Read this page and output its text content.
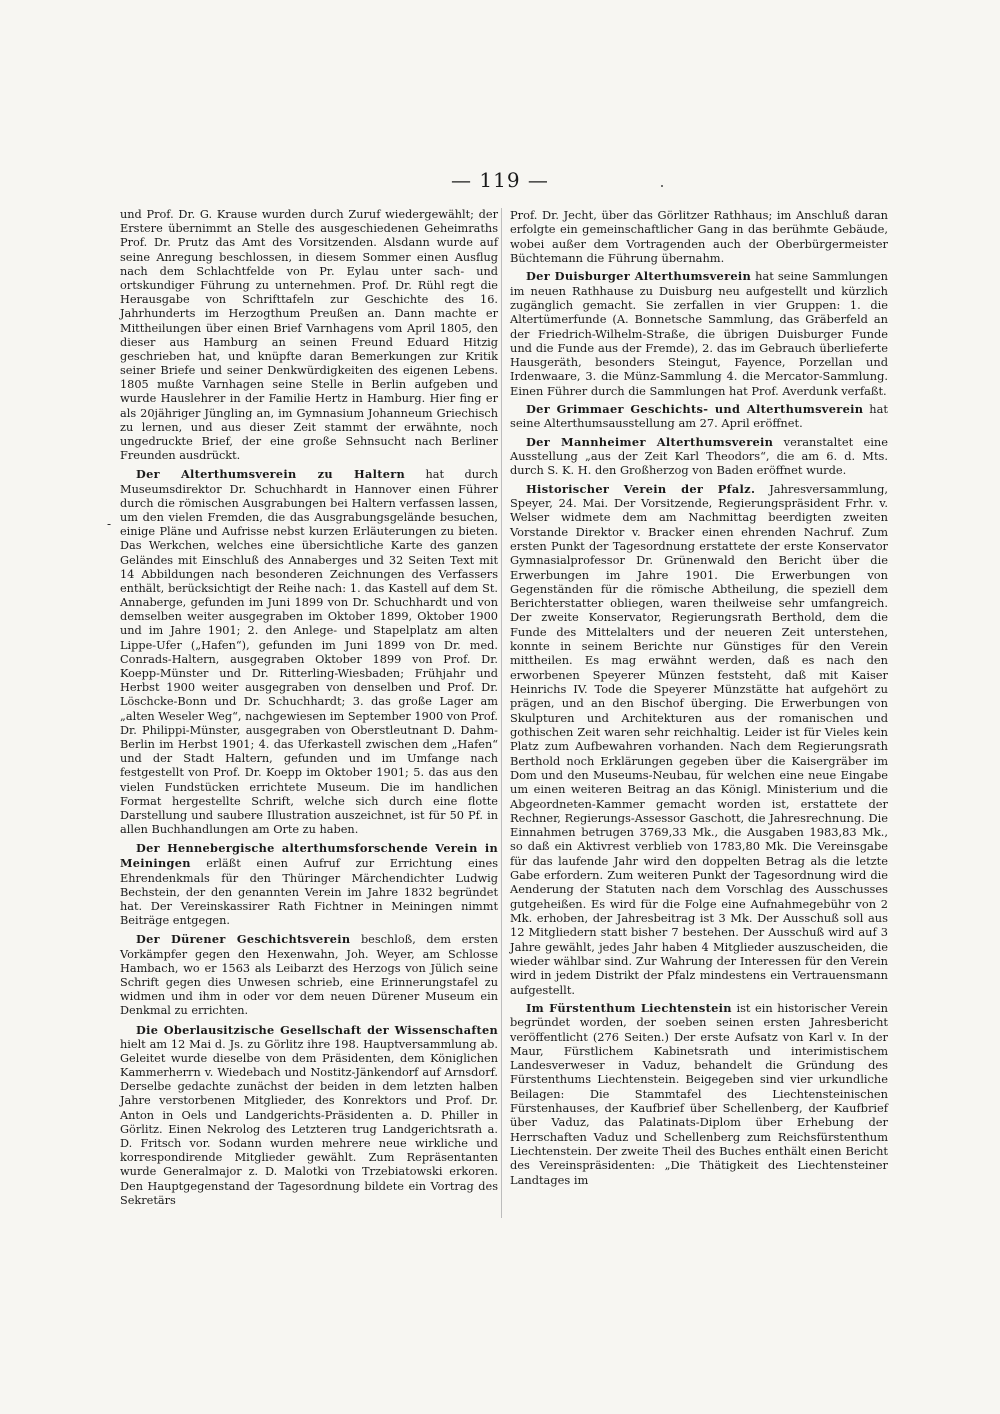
— 119 —
-

und Prof. Dr. G. Krause wurden durch Zuruf wiedergewählt; der Erstere übernimmt an Stelle des ausgeschiedenen Geheimraths Prof. Dr. Prutz das Amt des Vorsitzenden. Alsdann wurde auf seine Anregung beschlossen, in diesem Sommer einen Ausflug nach dem Schlachtfelde von Pr. Eylau unter sach- und ortskundiger Führung zu unternehmen. Prof. Dr. Rühl regt die Herausgabe von Schrifttafeln zur Geschichte des 16. Jahrhunderts im Herzogthum Preußen an. Dann machte er Mittheilungen über einen Brief Varnhagens vom April 1805, den dieser aus Hamburg an seinen Freund Eduard Hitzig geschrieben hat, und knüpfte daran Bemerkungen zur Kritik seiner Briefe und seiner Denkwürdigkeiten des eigenen Lebens. 1805 mußte Varnhagen seine Stelle in Berlin aufgeben und wurde Hauslehrer in der Familie Hertz in Hamburg. Hier fing er als 20jähriger Jüngling an, im Gymnasium Johanneum Griechisch zu lernen, und aus dieser Zeit stammt der erwähnte, noch ungedruckte Brief, der eine große Sehnsucht nach Berliner Freunden ausdrückt.

Der Alterthumsverein zu Haltern hat durch Museumsdirektor Dr. Schuchhardt in Hannover einen Führer durch die römischen Ausgrabungen bei Haltern verfassen lassen, um den vielen Fremden, die das Ausgrabungsgelände besuchen, einige Pläne und Aufrisse nebst kurzen Erläuterungen zu bieten. Das Werkchen, welches eine übersichtliche Karte des ganzen Geländes mit Einschluß des Annaberges und 32 Seiten Text mit 14 Abbildungen nach besonderen Zeichnungen des Verfassers enthält, berücksichtigt der Reihe nach: 1. das Kastell auf dem St. Annaberge, gefunden im Juni 1899 von Dr. Schuchhardt und von demselben weiter ausgegraben im Oktober 1899, Oktober 1900 und im Jahre 1901; 2. den Anlege- und Stapelplatz am alten Lippe-Ufer („Hafen“), gefunden im Juni 1899 von Dr. med. Conrads-Haltern, ausgegraben Oktober 1899 von Prof. Dr. Koepp-Münster und Dr. Ritterling-Wiesbaden; Frühjahr und Herbst 1900 weiter ausgegraben von denselben und Prof. Dr. Löschcke-Bonn und Dr. Schuchhardt; 3. das große Lager am „alten Weseler Weg“, nachgewiesen im September 1900 von Prof. Dr. Philippi-Münster, ausgegraben von Oberstleutnant D. Dahm-Berlin im Herbst 1901; 4. das Uferkastell zwischen dem „Hafen“ und der Stadt Haltern, gefunden und im Umfange nach festgestellt von Prof. Dr. Koepp im Oktober 1901; 5. das aus den vielen Fundstücken errichtete Museum. Die im handlichen Format hergestellte Schrift, welche sich durch eine flotte Darstellung und saubere Illustration auszeichnet, ist für 50 Pf. in allen Buchhandlungen am Orte zu haben.

Der Hennebergische alterthumsforschende Verein in Meiningen erläßt einen Aufruf zur Errichtung eines Ehrendenkmals für den Thüringer Märchendichter Ludwig Bechstein, der den genannten Verein im Jahre 1832 begründet hat. Der Vereinskassirer Rath Fichtner in Meiningen nimmt Beiträge entgegen.

Der Dürener Geschichtsverein beschloß, dem ersten Vorkämpfer gegen den Hexenwahn, Joh. Weyer, am Schlosse Hambach, wo er 1563 als Leibarzt des Herzogs von Jülich seine Schrift gegen dies Unwesen schrieb, eine Erinnerungstafel zu widmen und ihm in oder vor dem neuen Dürener Museum ein Denkmal zu errichten.

Die Oberlausitzische Gesellschaft der Wissenschaften hielt am 12 Mai d. Js. zu Görlitz ihre 198. Hauptversammlung ab. Geleitet wurde dieselbe von dem Präsidenten, dem Königlichen Kammerherrn v. Wiedebach und Nostitz-Jänkendorf auf Arnsdorf. Derselbe gedachte zunächst der beiden in dem letzten halben Jahre verstorbenen Mitglieder, des Konrektors und Prof. Dr. Anton in Oels und Landgerichts-Präsidenten a. D. Philler in Görlitz. Einen Nekrolog des Letzteren trug Landgerichtsrath a. D. Fritsch vor. Sodann wurden mehrere neue wirkliche und korrespondirende Mitglieder gewählt. Zum Repräsentanten wurde Generalmajor z. D. Malotki von Trzebiatowski erkoren. Den Hauptgegenstand der Tagesordnung bildete ein Vortrag des Sekretärs

Prof. Dr. Jecht, über das Görlitzer Rathhaus; im Anschluß daran erfolgte ein gemeinschaftlicher Gang in das berühmte Gebäude, wobei außer dem Vortragenden auch der Oberbürgermeister Büchtemann die Führung übernahm.

Der Duisburger Alterthumsverein hat seine Sammlungen im neuen Rathhause zu Duisburg neu aufgestellt und kürzlich zugänglich gemacht. Sie zerfallen in vier Gruppen: 1. die Altertümerfunde (A. Bonnetsche Sammlung, das Gräberfeld an der Friedrich-Wilhelm-Straße, die übrigen Duisburger Funde und die Funde aus der Fremde), 2. das im Gebrauch überlieferte Hausgeräth, besonders Steingut, Fayence, Porzellan und Irdenwaare, 3. die Münz-Sammlung 4. die Mercator-Sammlung. Einen Führer durch die Sammlungen hat Prof. Averdunk verfaßt.

Der Grimmaer Geschichts- und Alterthumsverein hat seine Alterthumsausstellung am 27. April eröffnet.

Der Mannheimer Alterthumsverein veranstaltet eine Ausstellung „aus der Zeit Karl Theodors“, die am 6. d. Mts. durch S. K. H. den Großherzog von Baden eröffnet wurde.

Historischer Verein der Pfalz. Jahresversammlung, Speyer, 24. Mai. Der Vorsitzende, Regierungspräsident Frhr. v. Welser widmete dem am Nachmittag beerdigten zweiten Vorstande Direktor v. Bracker einen ehrenden Nachruf. Zum ersten Punkt der Tagesordnung erstattete der erste Konservator Gymnasialprofessor Dr. Grünenwald den Bericht über die Erwerbungen im Jahre 1901. Die Erwerbungen von Gegenständen für die römische Abtheilung, die speziell dem Berichterstatter obliegen, waren theilweise sehr umfangreich. Der zweite Konservator, Regierungsrath Berthold, dem die Funde des Mittelalters und der neueren Zeit unterstehen, konnte in seinem Berichte nur Günstiges für den Verein mittheilen. Es mag erwähnt werden, daß es nach den erworbenen Speyerer Münzen feststeht, daß mit Kaiser Heinrichs IV. Tode die Speyerer Münzstätte hat aufgehört zu prägen, und an den Bischof überging. Die Erwerbungen von Skulpturen und Architekturen aus der romanischen und gothischen Zeit waren sehr reichhaltig. Leider ist für Vieles kein Platz zum Aufbewahren vorhanden. Nach dem Regierungsrath Berthold noch Erklärungen gegeben über die Kaisergräber im Dom und den Museums-Neubau, für welchen eine neue Eingabe um einen weiteren Beitrag an das Königl. Ministerium und die Abgeordneten-Kammer gemacht worden ist, erstattete der Rechner, Regierungs-Assessor Gaschott, die Jahresrechnung. Die Einnahmen betrugen 3769,33 Mk., die Ausgaben 1983,83 Mk., so daß ein Aktivrest verblieb von 1783,80 Mk. Die Vereinsgabe für das laufende Jahr wird den doppelten Betrag als die letzte Gabe erfordern. Zum weiteren Punkt der Tagesordnung wird die Aenderung der Statuten nach dem Vorschlag des Ausschusses gutgeheißen. Es wird für die Folge eine Aufnahmegebühr von 2 Mk. erhoben, der Jahresbeitrag ist 3 Mk. Der Ausschuß soll aus 12 Mitgliedern statt bisher 7 bestehen. Der Ausschuß wird auf 3 Jahre gewählt, jedes Jahr haben 4 Mitglieder auszuscheiden, die wieder wählbar sind. Zur Wahrung der Interessen für den Verein wird in jedem Distrikt der Pfalz mindestens ein Vertrauensmann aufgestellt.

Im Fürstenthum Liechtenstein ist ein historischer Verein begründet worden, der soeben seinen ersten Jahresbericht veröffentlicht (276 Seiten.) Der erste Aufsatz von Karl v. In der Maur, Fürstlichem Kabinetsrath und interimistischem Landesverweser in Vaduz, behandelt die Gründung des Fürstenthums Liechtenstein. Beigegeben sind vier urkundliche Beilagen: Die Stammtafel des Liechtensteinischen Fürstenhauses, der Kaufbrief über Schellenberg, der Kaufbrief über Vaduz, das Palatinats-Diplom über Erhebung der Herrschaften Vaduz und Schellenberg zum Reichsfürstenthum Liechtenstein. Der zweite Theil des Buches enthält einen Bericht des Vereinspräsidenten: „Die Thätigkeit des Liechtensteiner Landtages im
